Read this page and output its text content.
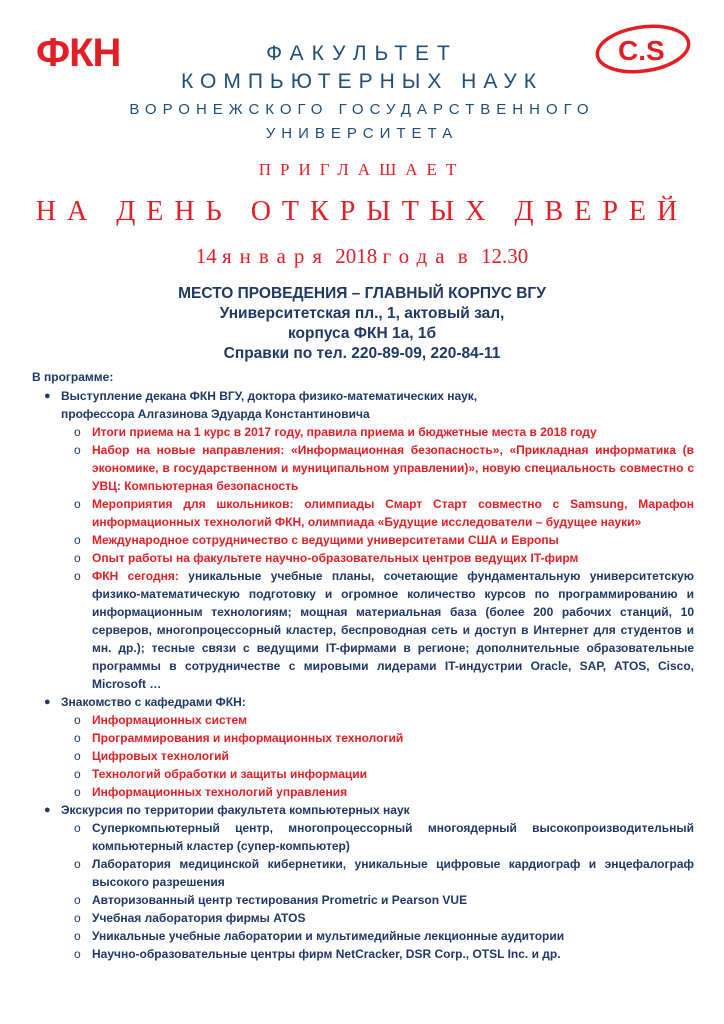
ФКН	C.S
ФАКУЛЬТЕТ
КОМПЬЮТЕРНЫХ НАУК
ВОРОНЕЖСКОГО ГОСУДАРСТВЕННОГО
УНИВЕРСИТЕТА
ПРИГЛАШАЕТ
НА ДЕНЬ ОТКРЫТЫХ ДВЕРЕЙ
14 января 2018 года в 12.30
МЕСТО ПРОВЕДЕНИЯ – ГЛАВНЫЙ КОРПУС ВГУ
Университетская пл., 1, актовый зал,
корпуса ФКН 1а, 1б
Справки по тел. 220-89-09, 220-84-11
В программе:
● Выступление декана ФКН ВГУ, доктора физико-математических наук,
профессора Алгазинова Эдуарда Константиновича
o Итоги приема на 1 курс в 2017 году, правила приема и бюджетные места в 2018 году
o Набор на новые направления: «Информационная безопасность», «Прикладная информатика (в экономике, в государственном и муниципальном управлении)», новую специальность совместно с УВЦ: Компьютерная безопасность
o Мероприятия для школьников: олимпиады Смарт Старт совместно с Samsung, Марафон информационных технологий ФКН, олимпиада «Будущие исследователи – будущее науки»
o Международное сотрудничество с ведущими университетами США и Европы
o Опыт работы на факультете научно-образовательных центров ведущих IT-фирм
o ФКН сегодня: уникальные учебные планы, сочетающие фундаментальную университетскую физико-математическую подготовку и огромное количество курсов по программированию и информационным технологиям; мощная материальная база (более 200 рабочих станций, 10 серверов, многопроцессорный кластер, беспроводная сеть и доступ в Интернет для студентов и мн. др.); тесные связи с ведущими IT-фирмами в регионе; дополнительные образовательные программы в сотрудничестве с мировыми лидерами IT-индустрии Oracle, SAP, ATOS, Cisco, Microsoft …
● Знакомство с кафедрами ФКН:
o Информационных систем
o Программирования и информационных технологий
o Цифровых технологий
o Технологий обработки и защиты информации
o Информационных технологий управления
● Экскурсия по территории факультета компьютерных наук
o Суперкомпьютерный центр, многопроцессорный многоядерный высокопроизводительный компьютерный кластер (супер-компьютер)
o Лаборатория медицинской кибернетики, уникальные цифровые кардиограф и энцефалограф высокого разрешения
o Авторизованный центр тестирования Prometric и Pearson VUE
o Учебная лаборатория фирмы ATOS
o Уникальные учебные лаборатории и мультимедийные лекционные аудитории
o Научно-образовательные центры фирм NetCracker, DSR Corp., OTSL Inc. и др.
